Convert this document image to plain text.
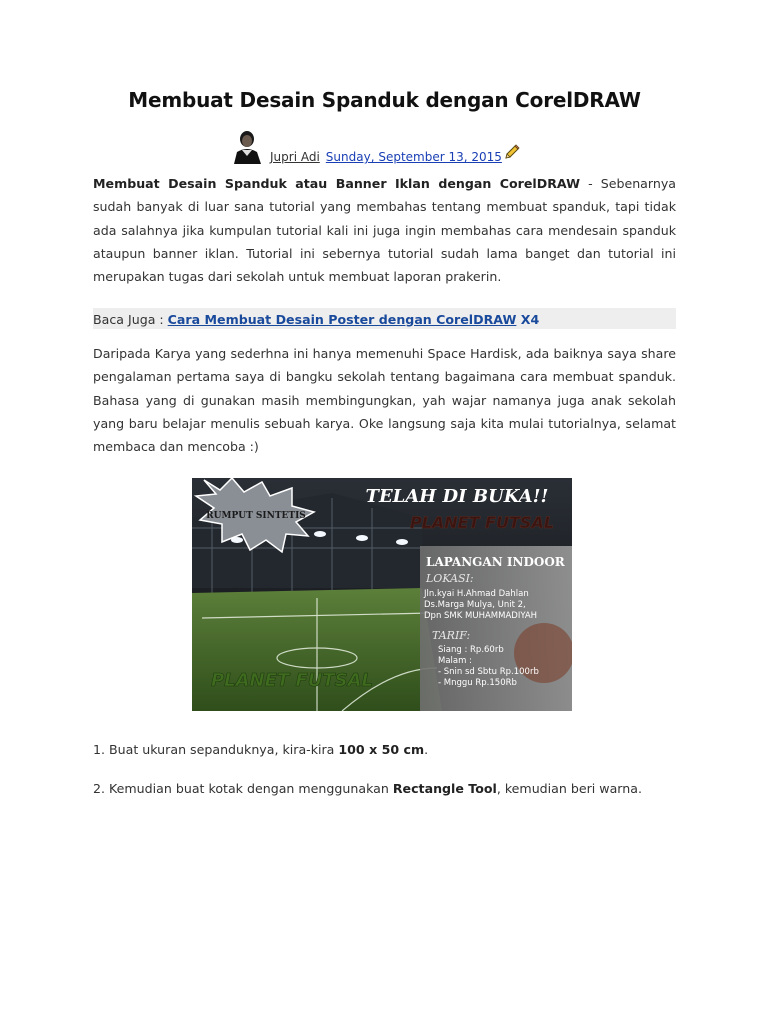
Membuat Desain Spanduk dengan CorelDRAW
Jupri Adi Sunday, September 13, 2015

Membuat Desain Spanduk atau Banner Iklan dengan CorelDRAW - Sebenarnya sudah banyak di luar sana tutorial yang membahas tentang membuat spanduk, tapi tidak ada salahnya jika kumpulan tutorial kali ini juga ingin membahas cara mendesain spanduk ataupun banner iklan. Tutorial ini sebernya tutorial sudah lama banget dan tutorial ini merupakan tugas dari sekolah untuk membuat laporan prakerin.

Baca Juga : Cara Membuat Desain Poster dengan CorelDRAW X4

Daripada Karya yang sederhna ini hanya memenuhi Space Hardisk, ada baiknya saya share pengalaman pertama saya di bangku sekolah tentang bagaimana cara membuat spanduk. Bahasa yang di gunakan masih membingungkan, yah wajar namanya juga anak sekolah yang baru belajar menulis sebuah karya. Oke langsung saja kita mulai tutorialnya, selamat membaca dan mencoba :)

RUMPUT SINTETIS
TELAH DI BUKA!!
PLANET FUTSAL
LAPANGAN INDOOR
LOKASI:
Jln.kyai H.Ahmad Dahlan
Ds.Marga Mulya, Unit 2,
Dpn SMK MUHAMMADIYAH
TARIF:
Siang : Rp.60rb
Malam :
- Snin sd Sbtu Rp.100rb
- Mnggu Rp.150Rb
PLANET FUTSAL

1. Buat ukuran sepanduknya, kira-kira 100 x 50 cm.

2. Kemudian buat kotak dengan menggunakan Rectangle Tool, kemudian beri warna.
